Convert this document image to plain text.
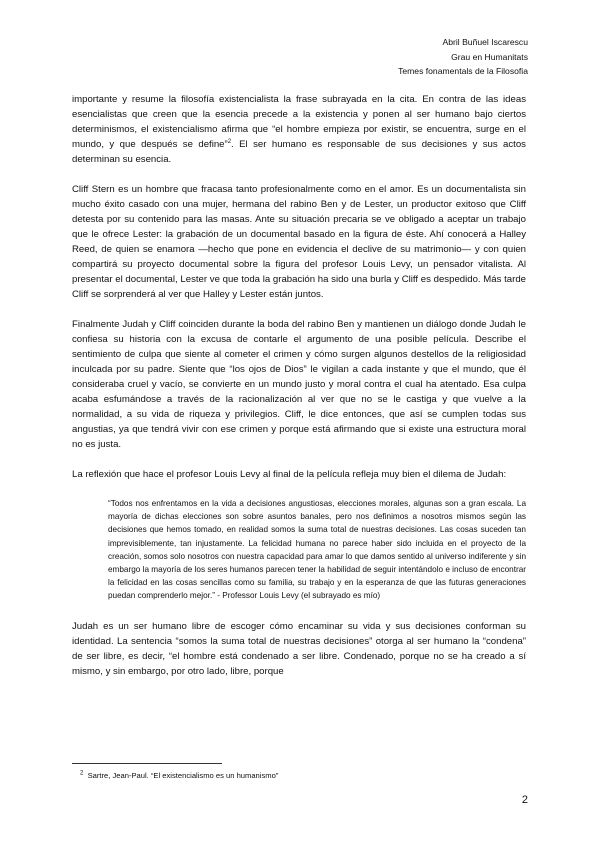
Abril Buñuel Iscarescu
Grau en Humanitats
Temes fonamentals de la Filosofia

importante y resume la filosofía existencialista la frase subrayada en la cita. En contra de las ideas esencialistas que creen que la esencia precede a la existencia y ponen al ser humano bajo ciertos determinismos, el existencialismo afirma que “el hombre empieza por existir, se encuentra, surge en el mundo, y que después se define”$^2$. El ser humano es responsable de sus decisiones y sus actos determinan su esencia.

Cliff Stern es un hombre que fracasa tanto profesionalmente como en el amor. Es un documentalista sin mucho éxito casado con una mujer, hermana del rabino Ben y de Lester, un productor exitoso que Cliff detesta por su contenido para las masas. Ante su situación precaria se ve obligado a aceptar un trabajo que le ofrece Lester: la grabación de un documental basado en la figura de éste. Ahí conocerá a Halley Reed, de quien se enamora —hecho que pone en evidencia el declive de su matrimonio— y con quien compartirá su proyecto documental sobre la figura del profesor Louis Levy, un pensador vitalista. Al presentar el documental, Lester ve que toda la grabación ha sido una burla y Cliff es despedido. Más tarde Cliff se sorprenderá al ver que Halley y Lester están juntos.

Finalmente Judah y Cliff coinciden durante la boda del rabino Ben y mantienen un diálogo donde Judah le confiesa su historia con la excusa de contarle el argumento de una posible película. Describe el sentimiento de culpa que siente al cometer el crimen y cómo surgen algunos destellos de la religiosidad inculcada por su padre. Siente que “los ojos de Dios” le vigilan a cada instante y que el mundo, que él consideraba cruel y vacío, se convierte en un mundo justo y moral contra el cual ha atentado. Esa culpa acaba esfumándose a través de la racionalización al ver que no se le castiga y que vuelve a la normalidad, a su vida de riqueza y privilegios. Cliff, le dice entonces, que así se cumplen todas sus angustias, ya que tendrá vivir con ese crimen y porque está afirmando que si existe una estructura moral no es justa.

La reflexión que hace el profesor Louis Levy al final de la película refleja muy bien el dilema de Judah:

“Todos nos enfrentamos en la vida a decisiones angustiosas, elecciones morales, algunas son a gran escala. La mayoría de dichas elecciones son sobre asuntos banales, pero nos definimos a nosotros mismos según las decisiones que hemos tomado, en realidad somos la suma total de nuestras decisiones. Las cosas suceden tan imprevisiblemente, tan injustamente. La felicidad humana no parece haber sido incluida en el proyecto de la creación, somos solo nosotros con nuestra capacidad para amar lo que damos sentido al universo indiferente y sin embargo la mayoría de los seres humanos parecen tener la habilidad de seguir intentándolo e incluso de encontrar la felicidad en las cosas sencillas como su familia, su trabajo y en la esperanza de que las futuras generaciones puedan comprenderlo mejor.” - Professor Louis Levy (el subrayado es mío)

Judah es un ser humano libre de escoger cómo encaminar su vida y sus decisiones conforman su identidad. La sentencia “somos la suma total de nuestras decisiones” otorga al ser humano la “condena” de ser libre, es decir, “el hombre está condenado a ser libre. Condenado, porque no se ha creado a sí mismo, y sin embargo, por otro lado, libre, porque

$^2$ Sartre, Jean-Paul. “El existencialismo es un humanismo”
2
